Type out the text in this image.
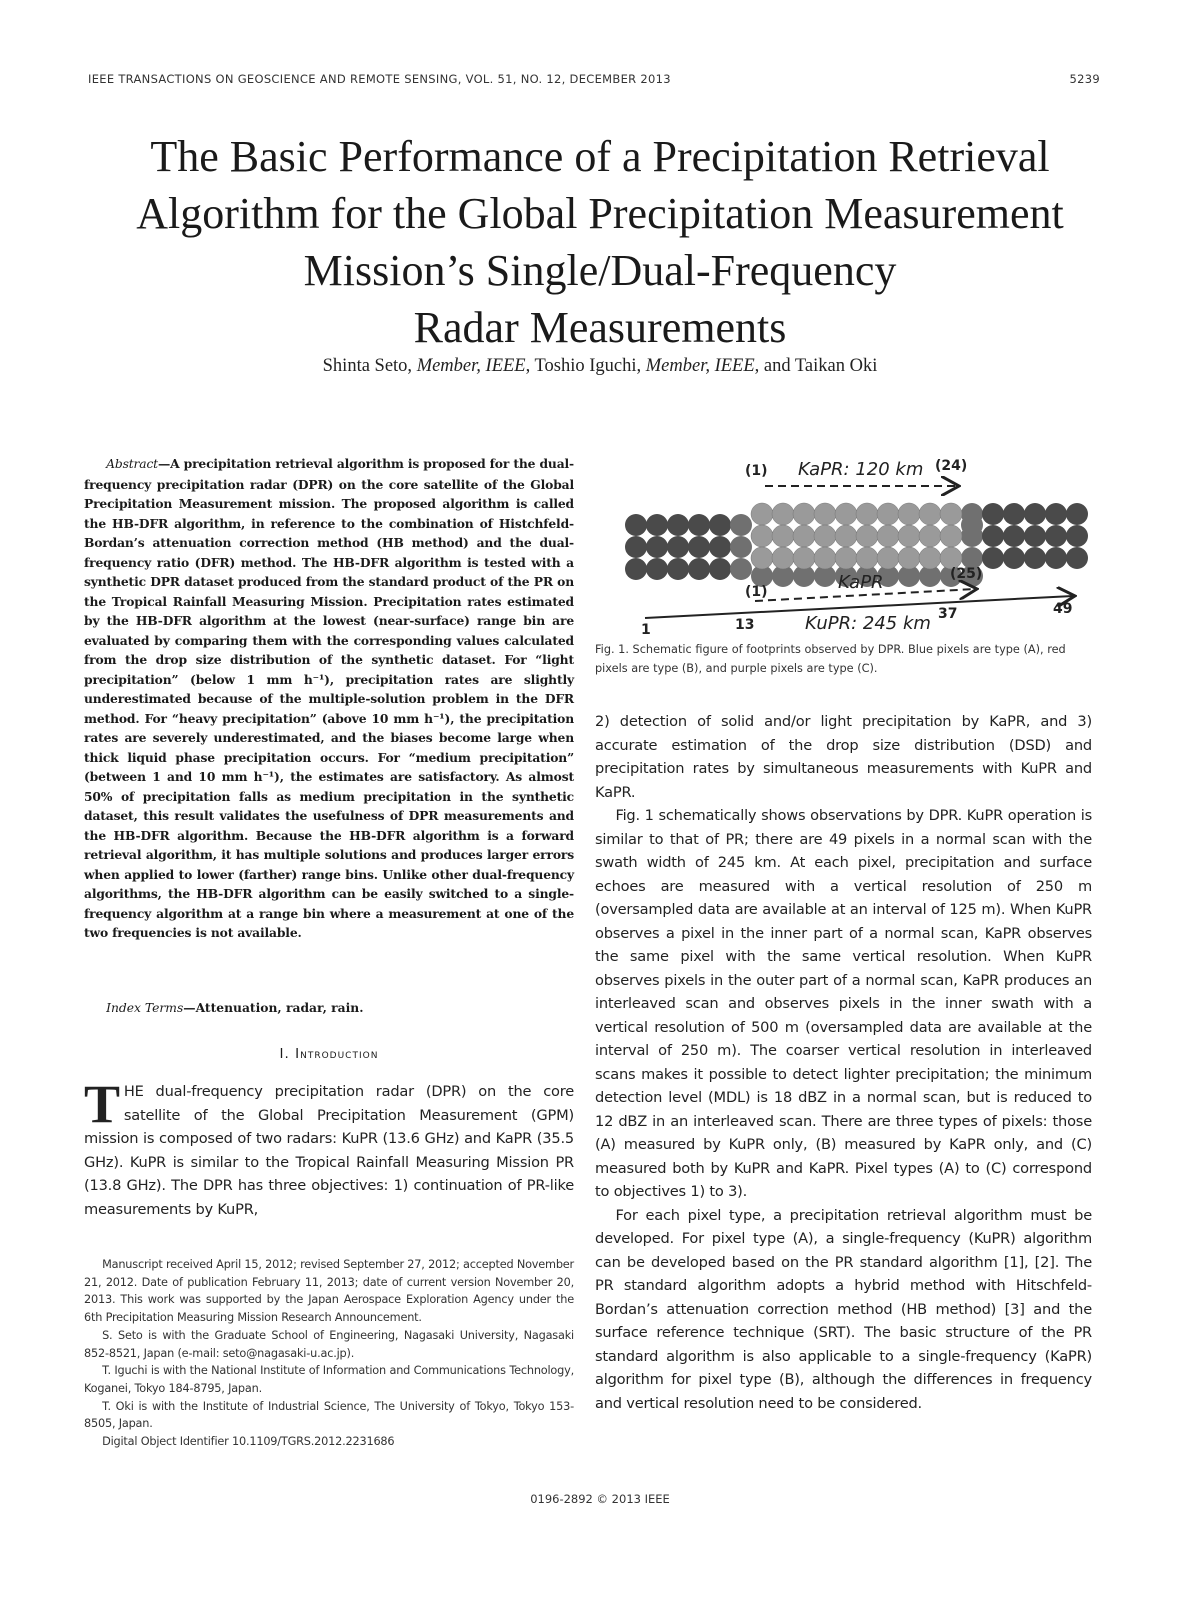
IEEE TRANSACTIONS ON GEOSCIENCE AND REMOTE SENSING, VOL. 51, NO. 12, DECEMBER 2013	5239
The Basic Performance of a Precipitation Retrieval
Algorithm for the Global Precipitation Measurement
Mission’s Single/Dual-Frequency
Radar Measurements
Shinta Seto, Member, IEEE, Toshio Iguchi, Member, IEEE, and Taikan Oki
Abstract—A precipitation retrieval algorithm is proposed for the dual-frequency precipitation radar (DPR) on the core satellite of the Global Precipitation Measurement mission. The proposed algorithm is called the HB-DFR algorithm, in reference to the combination of Histchfeld-Bordan’s attenuation correction method (HB method) and the dual-frequency ratio (DFR) method. The HB-DFR algorithm is tested with a synthetic DPR dataset produced from the standard product of the PR on the Tropical Rainfall Measuring Mission. Precipitation rates estimated by the HB-DFR algorithm at the lowest (near-surface) range bin are evaluated by comparing them with the corresponding values calculated from the drop size distribution of the synthetic dataset. For “light precipitation” (below 1 mm h⁻¹), precipitation rates are slightly underestimated because of the multiple-solution problem in the DFR method. For “heavy precipitation” (above 10 mm h⁻¹), the precipitation rates are severely underestimated, and the biases become large when thick liquid phase precipitation occurs. For “medium precipitation” (between 1 and 10 mm h⁻¹), the estimates are satisfactory. As almost 50% of precipitation falls as medium precipitation in the synthetic dataset, this result validates the usefulness of DPR measurements and the HB-DFR algorithm. Because the HB-DFR algorithm is a forward retrieval algorithm, it has multiple solutions and produces larger errors when applied to lower (farther) range bins. Unlike other dual-frequency algorithms, the HB-DFR algorithm can be easily switched to a single-frequency algorithm at a range bin where a measurement at one of the two frequencies is not available.
Index Terms—Attenuation, radar, rain.
I. Introduction
THE dual-frequency precipitation radar (DPR) on the core satellite of the Global Precipitation Measurement (GPM) mission is composed of two radars: KuPR (13.6 GHz) and KaPR (35.5 GHz). KuPR is similar to the Tropical Rainfall Measuring Mission PR (13.8 GHz). The DPR has three objectives: 1) continuation of PR-like measurements by KuPR,

Manuscript received April 15, 2012; revised September 27, 2012; accepted November 21, 2012. Date of publication February 11, 2013; date of current version November 20, 2013. This work was supported by the Japan Aerospace Exploration Agency under the 6th Precipitation Measuring Mission Research Announcement.

S. Seto is with the Graduate School of Engineering, Nagasaki University, Nagasaki 852-8521, Japan (e-mail: seto@nagasaki-u.ac.jp).

T. Iguchi is with the National Institute of Information and Communications Technology, Koganei, Tokyo 184-8795, Japan.

T. Oki is with the Institute of Industrial Science, The University of Tokyo, Tokyo 153-8505, Japan.

Digital Object Identifier 10.1109/TGRS.2012.2231686

(1) KaPR: 120 km (24)
(1)	KaPR	(25)
1	13	KuPR: 245 km 37	49
Fig. 1. Schematic figure of footprints observed by DPR. Blue pixels are type (A), red pixels are type (B), and purple pixels are type (C).

2) detection of solid and/or light precipitation by KaPR, and 3) accurate estimation of the drop size distribution (DSD) and precipitation rates by simultaneous measurements with KuPR and KaPR.

Fig. 1 schematically shows observations by DPR. KuPR operation is similar to that of PR; there are 49 pixels in a normal scan with the swath width of 245 km. At each pixel, precipitation and surface echoes are measured with a vertical resolution of 250 m (oversampled data are available at an interval of 125 m). When KuPR observes a pixel in the inner part of a normal scan, KaPR observes the same pixel with the same vertical resolution. When KuPR observes pixels in the outer part of a normal scan, KaPR produces an interleaved scan and observes pixels in the inner swath with a vertical resolution of 500 m (oversampled data are available at the interval of 250 m). The coarser vertical resolution in interleaved scans makes it possible to detect lighter precipitation; the minimum detection level (MDL) is 18 dBZ in a normal scan, but is reduced to 12 dBZ in an interleaved scan. There are three types of pixels: those (A) measured by KuPR only, (B) measured by KaPR only, and (C) measured both by KuPR and KaPR. Pixel types (A) to (C) correspond to objectives 1) to 3).

For each pixel type, a precipitation retrieval algorithm must be developed. For pixel type (A), a single-frequency (KuPR) algorithm can be developed based on the PR standard algorithm [1], [2]. The PR standard algorithm adopts a hybrid method with Hitschfeld-Bordan’s attenuation correction method (HB method) [3] and the surface reference technique (SRT). The basic structure of the PR standard algorithm is also applicable to a single-frequency (KaPR) algorithm for pixel type (B), although the differences in frequency and vertical resolution need to be considered.

0196-2892 © 2013 IEEE
